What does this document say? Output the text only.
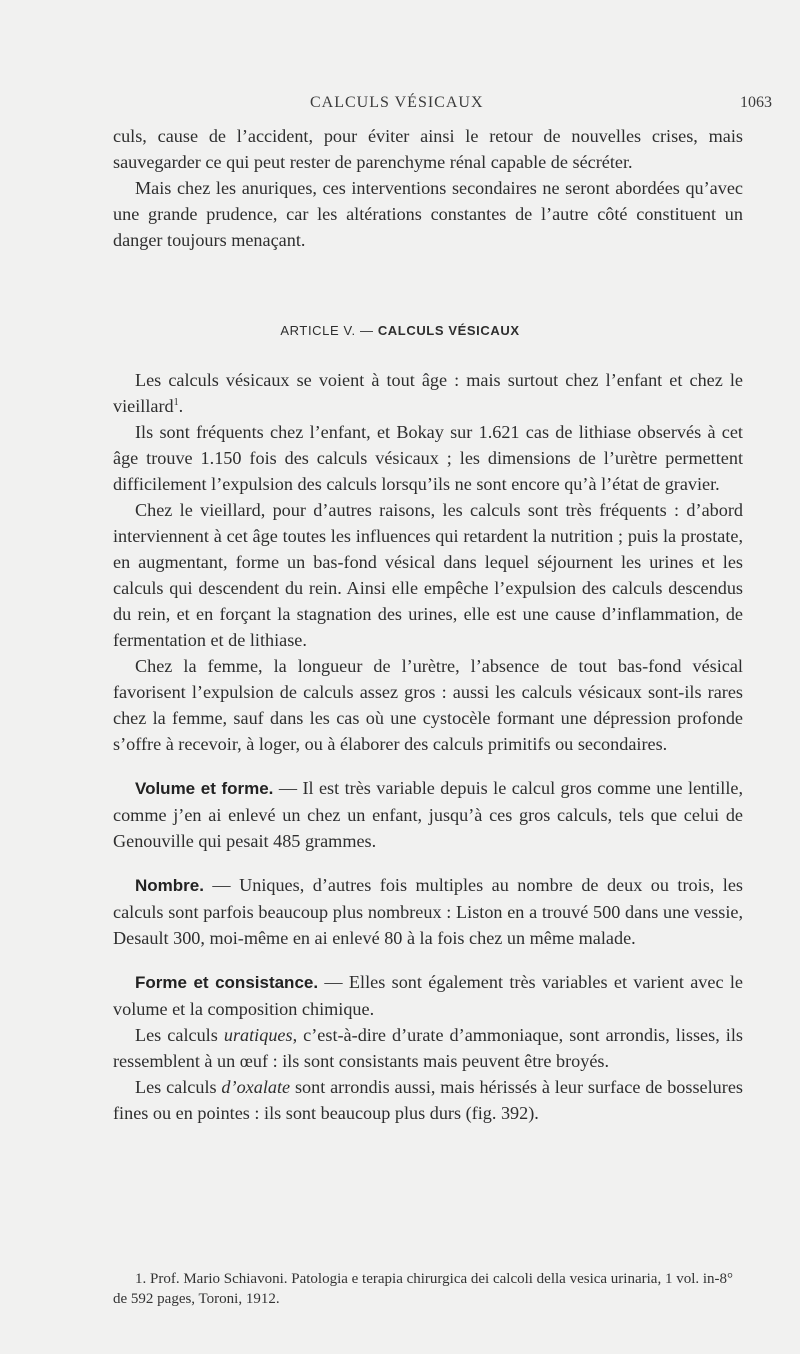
CALCULS VÉSICAUX	1063

culs, cause de l’accident, pour éviter ainsi le retour de nouvelles crises, mais sauvegarder ce qui peut rester de parenchyme rénal capable de sécréter.

Mais chez les anuriques, ces interventions secondaires ne seront abordées qu’avec une grande prudence, car les altérations constantes de l’autre côté constituent un danger toujours menaçant.

ARTICLE V. — CALCULS VÉSICAUX

Les calculs vésicaux se voient à tout âge : mais surtout chez l’enfant et chez le vieillard$^1$.

Ils sont fréquents chez l’enfant, et Bokay sur 1.621 cas de lithiase observés à cet âge trouve 1.150 fois des calculs vésicaux ; les dimensions de l’urètre permettent difficilement l’expulsion des calculs lorsqu’ils ne sont encore qu’à l’état de gravier.

Chez le vieillard, pour d’autres raisons, les calculs sont très fréquents : d’abord interviennent à cet âge toutes les influences qui retardent la nutrition ; puis la prostate, en augmentant, forme un bas-fond vésical dans lequel séjournent les urines et les calculs qui descendent du rein. Ainsi elle empêche l’expulsion des calculs descendus du rein, et en forçant la stagnation des urines, elle est une cause d’inflammation, de fermentation et de lithiase.

Chez la femme, la longueur de l’urètre, l’absence de tout bas-fond vésical favorisent l’expulsion de calculs assez gros : aussi les calculs vésicaux sont-ils rares chez la femme, sauf dans les cas où une cystocèle formant une dépression profonde s’offre à recevoir, à loger, ou à élaborer des calculs primitifs ou secondaires.

Volume et forme. — Il est très variable depuis le calcul gros comme une lentille, comme j’en ai enlevé un chez un enfant, jusqu’à ces gros calculs, tels que celui de Genouville qui pesait 485 grammes.

Nombre. — Uniques, d’autres fois multiples au nombre de deux ou trois, les calculs sont parfois beaucoup plus nombreux : Liston en a trouvé 500 dans une vessie, Desault 300, moi-même en ai enlevé 80 à la fois chez un même malade.

Forme et consistance. — Elles sont également très variables et varient avec le volume et la composition chimique.

Les calculs uratiques, c’est-à-dire d’urate d’ammoniaque, sont arrondis, lisses, ils ressemblent à un œuf : ils sont consistants mais peuvent être broyés.

Les calculs d’oxalate sont arrondis aussi, mais hérissés à leur surface de bosselures fines ou en pointes : ils sont beaucoup plus durs (fig. 392).

1. Prof. Mario Schiavoni. Patologia e terapia chirurgica dei calcoli della vesica urinaria, 1 vol. in-8° de 592 pages, Toroni, 1912.
